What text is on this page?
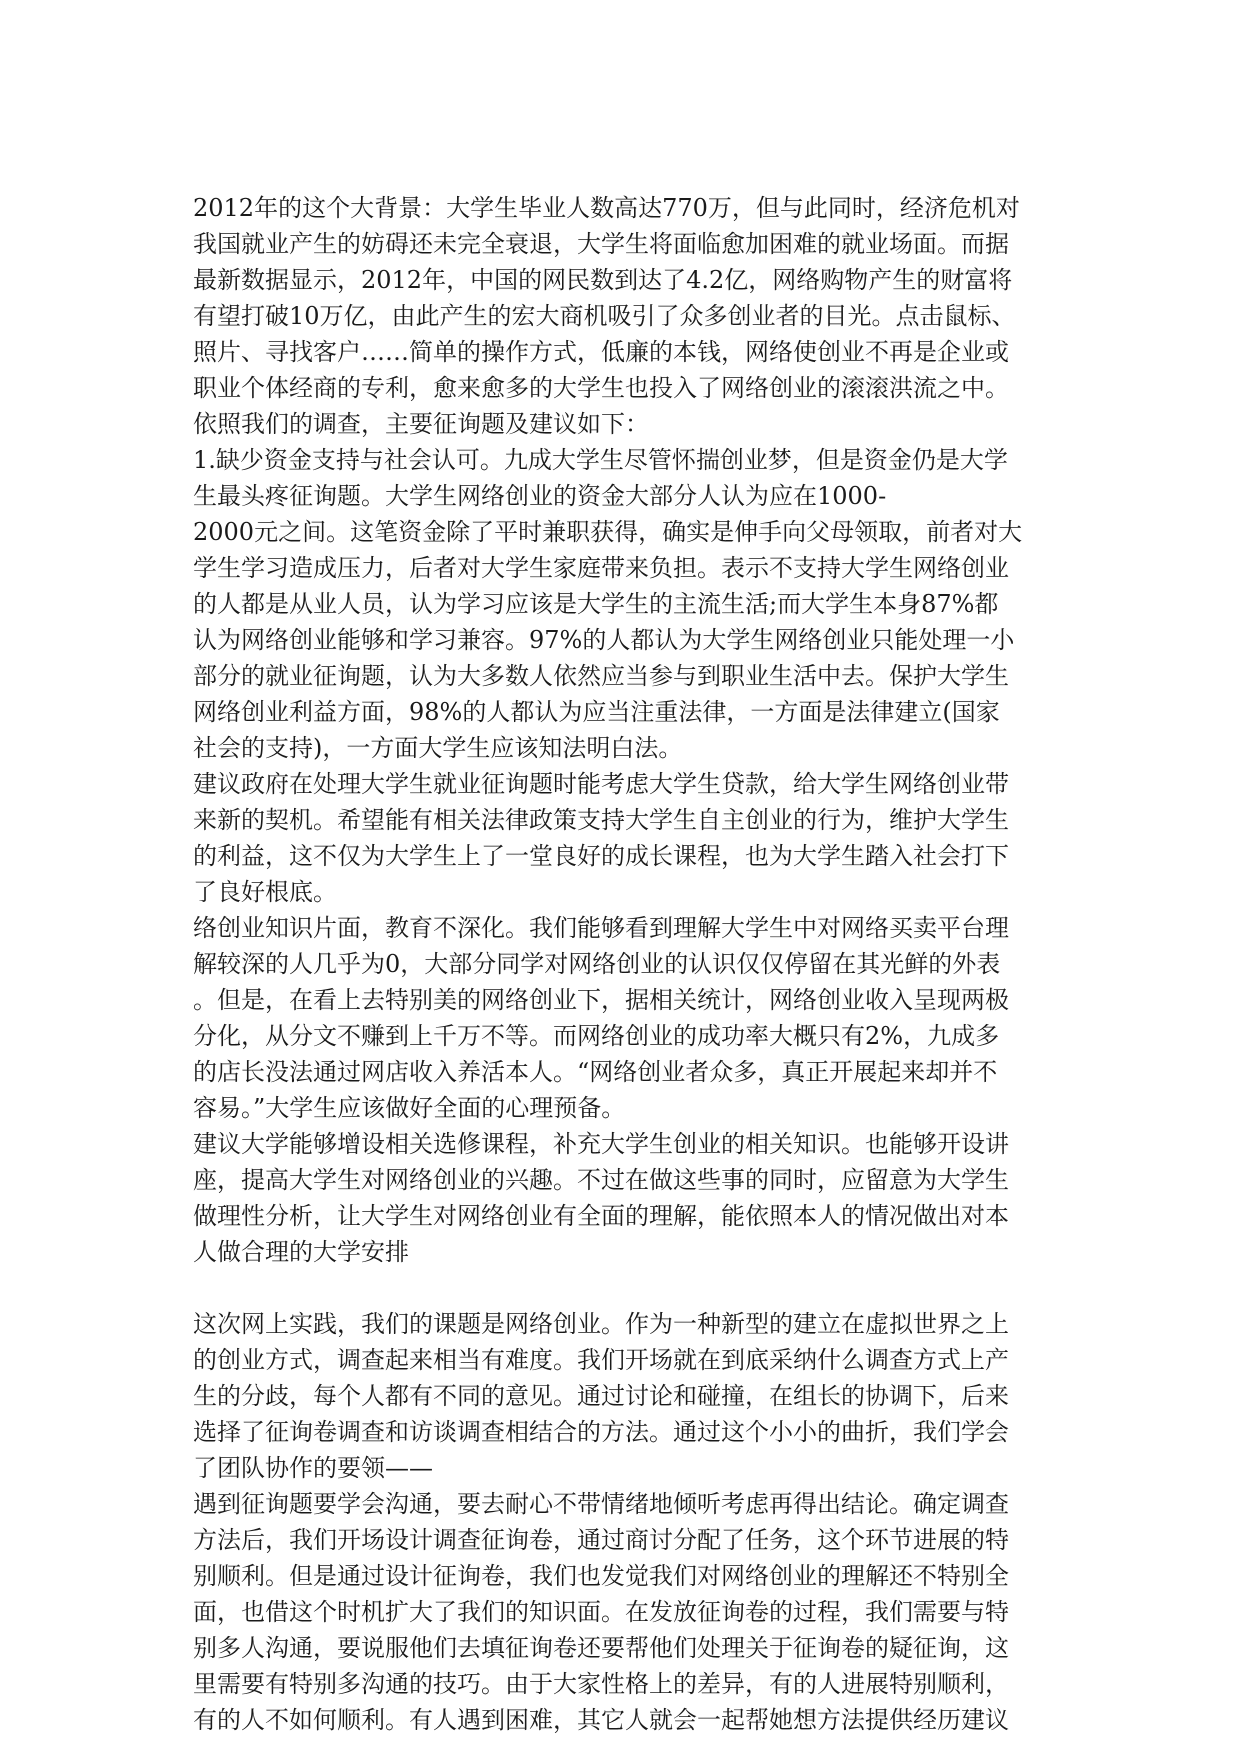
2012年的这个大背景：大学生毕业人数高达770万，但与此同时，经济危机对
我国就业产生的妨碍还未完全衰退，大学生将面临愈加困难的就业场面。而据
最新数据显示，2012年，中国的网民数到达了4.2亿，网络购物产生的财富将
有望打破10万亿，由此产生的宏大商机吸引了众多创业者的目光。点击鼠标、
照片、寻找客户……简单的操作方式，低廉的本钱，网络使创业不再是企业或
职业个体经商的专利，愈来愈多的大学生也投入了网络创业的滚滚洪流之中。
依照我们的调查，主要征询题及建议如下：
1.缺少资金支持与社会认可。九成大学生尽管怀揣创业梦，但是资金仍是大学
生最头疼征询题。大学生网络创业的资金大部分人认为应在1000-
2000元之间。这笔资金除了平时兼职获得，确实是伸手向父母领取，前者对大
学生学习造成压力，后者对大学生家庭带来负担。表示不支持大学生网络创业
的人都是从业人员，认为学习应该是大学生的主流生活;而大学生本身87%都
认为网络创业能够和学习兼容。97%的人都认为大学生网络创业只能处理一小
部分的就业征询题，认为大多数人依然应当参与到职业生活中去。保护大学生
网络创业利益方面，98%的人都认为应当注重法律，一方面是法律建立(国家
社会的支持)，一方面大学生应该知法明白法。
建议政府在处理大学生就业征询题时能考虑大学生贷款，给大学生网络创业带
来新的契机。希望能有相关法律政策支持大学生自主创业的行为，维护大学生
的利益，这不仅为大学生上了一堂良好的成长课程，也为大学生踏入社会打下
了良好根底。
络创业知识片面，教育不深化。我们能够看到理解大学生中对网络买卖平台理
解较深的人几乎为0，大部分同学对网络创业的认识仅仅停留在其光鲜的外表
。但是，在看上去特别美的网络创业下，据相关统计，网络创业收入呈现两极
分化，从分文不赚到上千万不等。而网络创业的成功率大概只有2%，九成多
的店长没法通过网店收入养活本人。“网络创业者众多，真正开展起来却并不
容易。”大学生应该做好全面的心理预备。
建议大学能够增设相关选修课程，补充大学生创业的相关知识。也能够开设讲
座，提高大学生对网络创业的兴趣。不过在做这些事的同时，应留意为大学生
做理性分析，让大学生对网络创业有全面的理解，能依照本人的情况做出对本
人做合理的大学安排
这次网上实践，我们的课题是网络创业。作为一种新型的建立在虚拟世界之上
的创业方式，调查起来相当有难度。我们开场就在到底采纳什么调查方式上产
生的分歧，每个人都有不同的意见。通过讨论和碰撞，在组长的协调下，后来
选择了征询卷调查和访谈调查相结合的方法。通过这个小小的曲折，我们学会
了团队协作的要领——
遇到征询题要学会沟通，要去耐心不带情绪地倾听考虑再得出结论。确定调查
方法后，我们开场设计调查征询卷，通过商讨分配了任务，这个环节进展的特
别顺利。但是通过设计征询卷，我们也发觉我们对网络创业的理解还不特别全
面，也借这个时机扩大了我们的知识面。在发放征询卷的过程，我们需要与特
别多人沟通，要说服他们去填征询卷还要帮他们处理关于征询卷的疑征询，这
里需要有特别多沟通的技巧。由于大家性格上的差异，有的人进展特别顺利，
有的人不如何顺利。有人遇到困难，其它人就会一起帮她想方法提供经历建议
